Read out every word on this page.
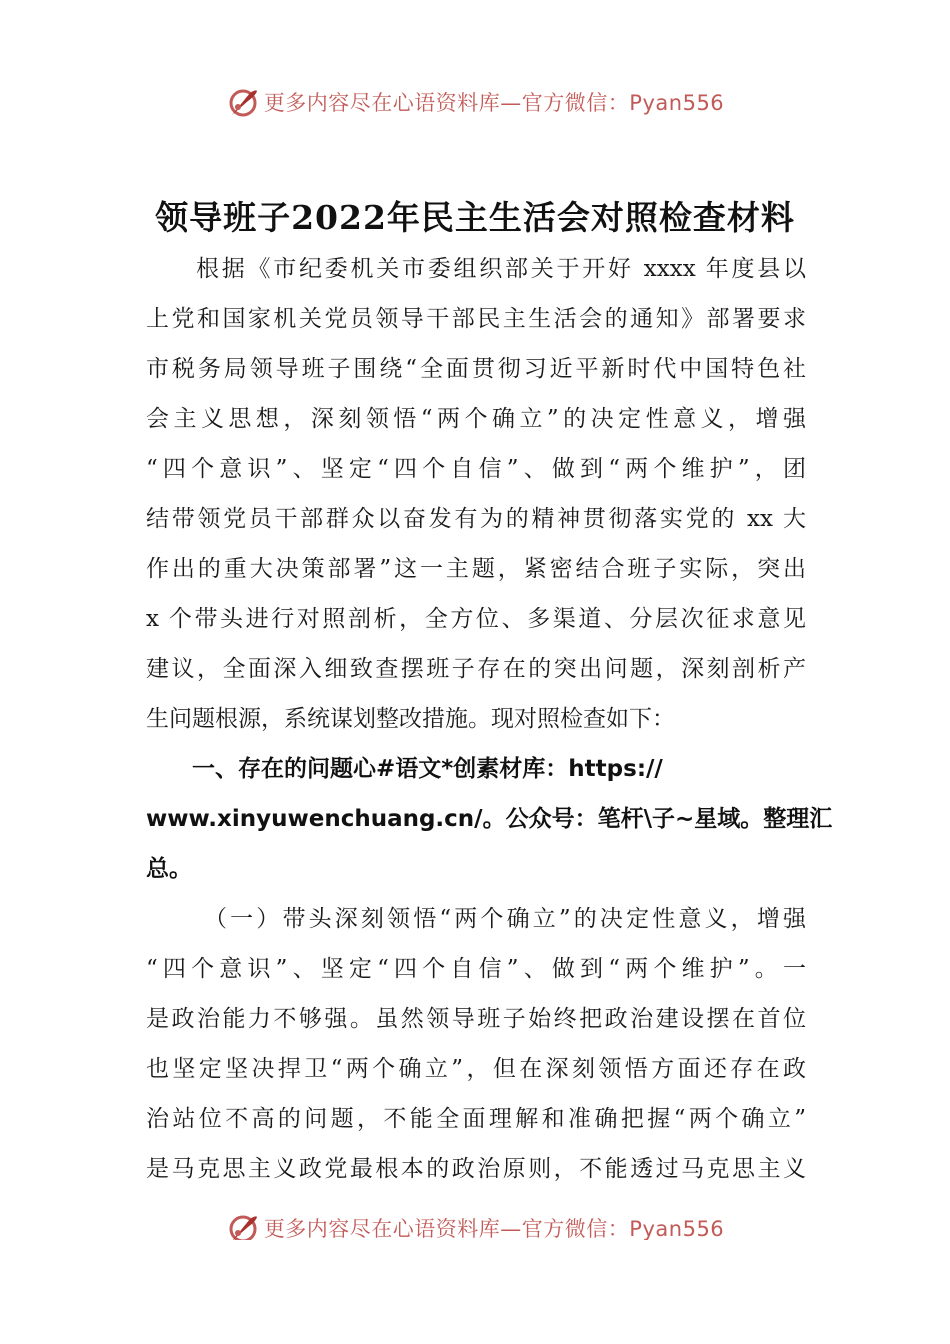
更多内容尽在心语资料库—官方微信：Pyan556
领导班子2022年民主生活会对照检查材料
根据《市纪委机关市委组织部关于开好 xxxx 年度县以
上党和国家机关党员领导干部民主生活会的通知》部署要求
市税务局领导班子围绕“全面贯彻习近平新时代中国特色社
会主义思想，深刻领悟“两个确立”的决定性意义，增强
“四个意识”、坚定“四个自信”、做到“两个维护”，团
结带领党员干部群众以奋发有为的精神贯彻落实党的 xx 大
作出的重大决策部署”这一主题，紧密结合班子实际，突出
x 个带头进行对照剖析，全方位、多渠道、分层次征求意见
建议，全面深入细致查摆班子存在的突出问题，深刻剖析产
生问题根源，系统谋划整改措施。现对照检查如下：
一、存在的问题心#语文*创素材库：https://
www.xinyuwenchuang.cn/。公众号：笔杆\子~星域。整理汇
总。
（一）带头深刻领悟“两个确立”的决定性意义，增强
“四个意识”、坚定“四个自信”、做到“两个维护”。一
是政治能力不够强。虽然领导班子始终把政治建设摆在首位
也坚定坚决捍卫“两个确立”，但在深刻领悟方面还存在政
治站位不高的问题，不能全面理解和准确把握“两个确立”
是马克思主义政党最根本的政治原则，不能透过马克思主义
更多内容尽在心语资料库—官方微信：Pyan556
